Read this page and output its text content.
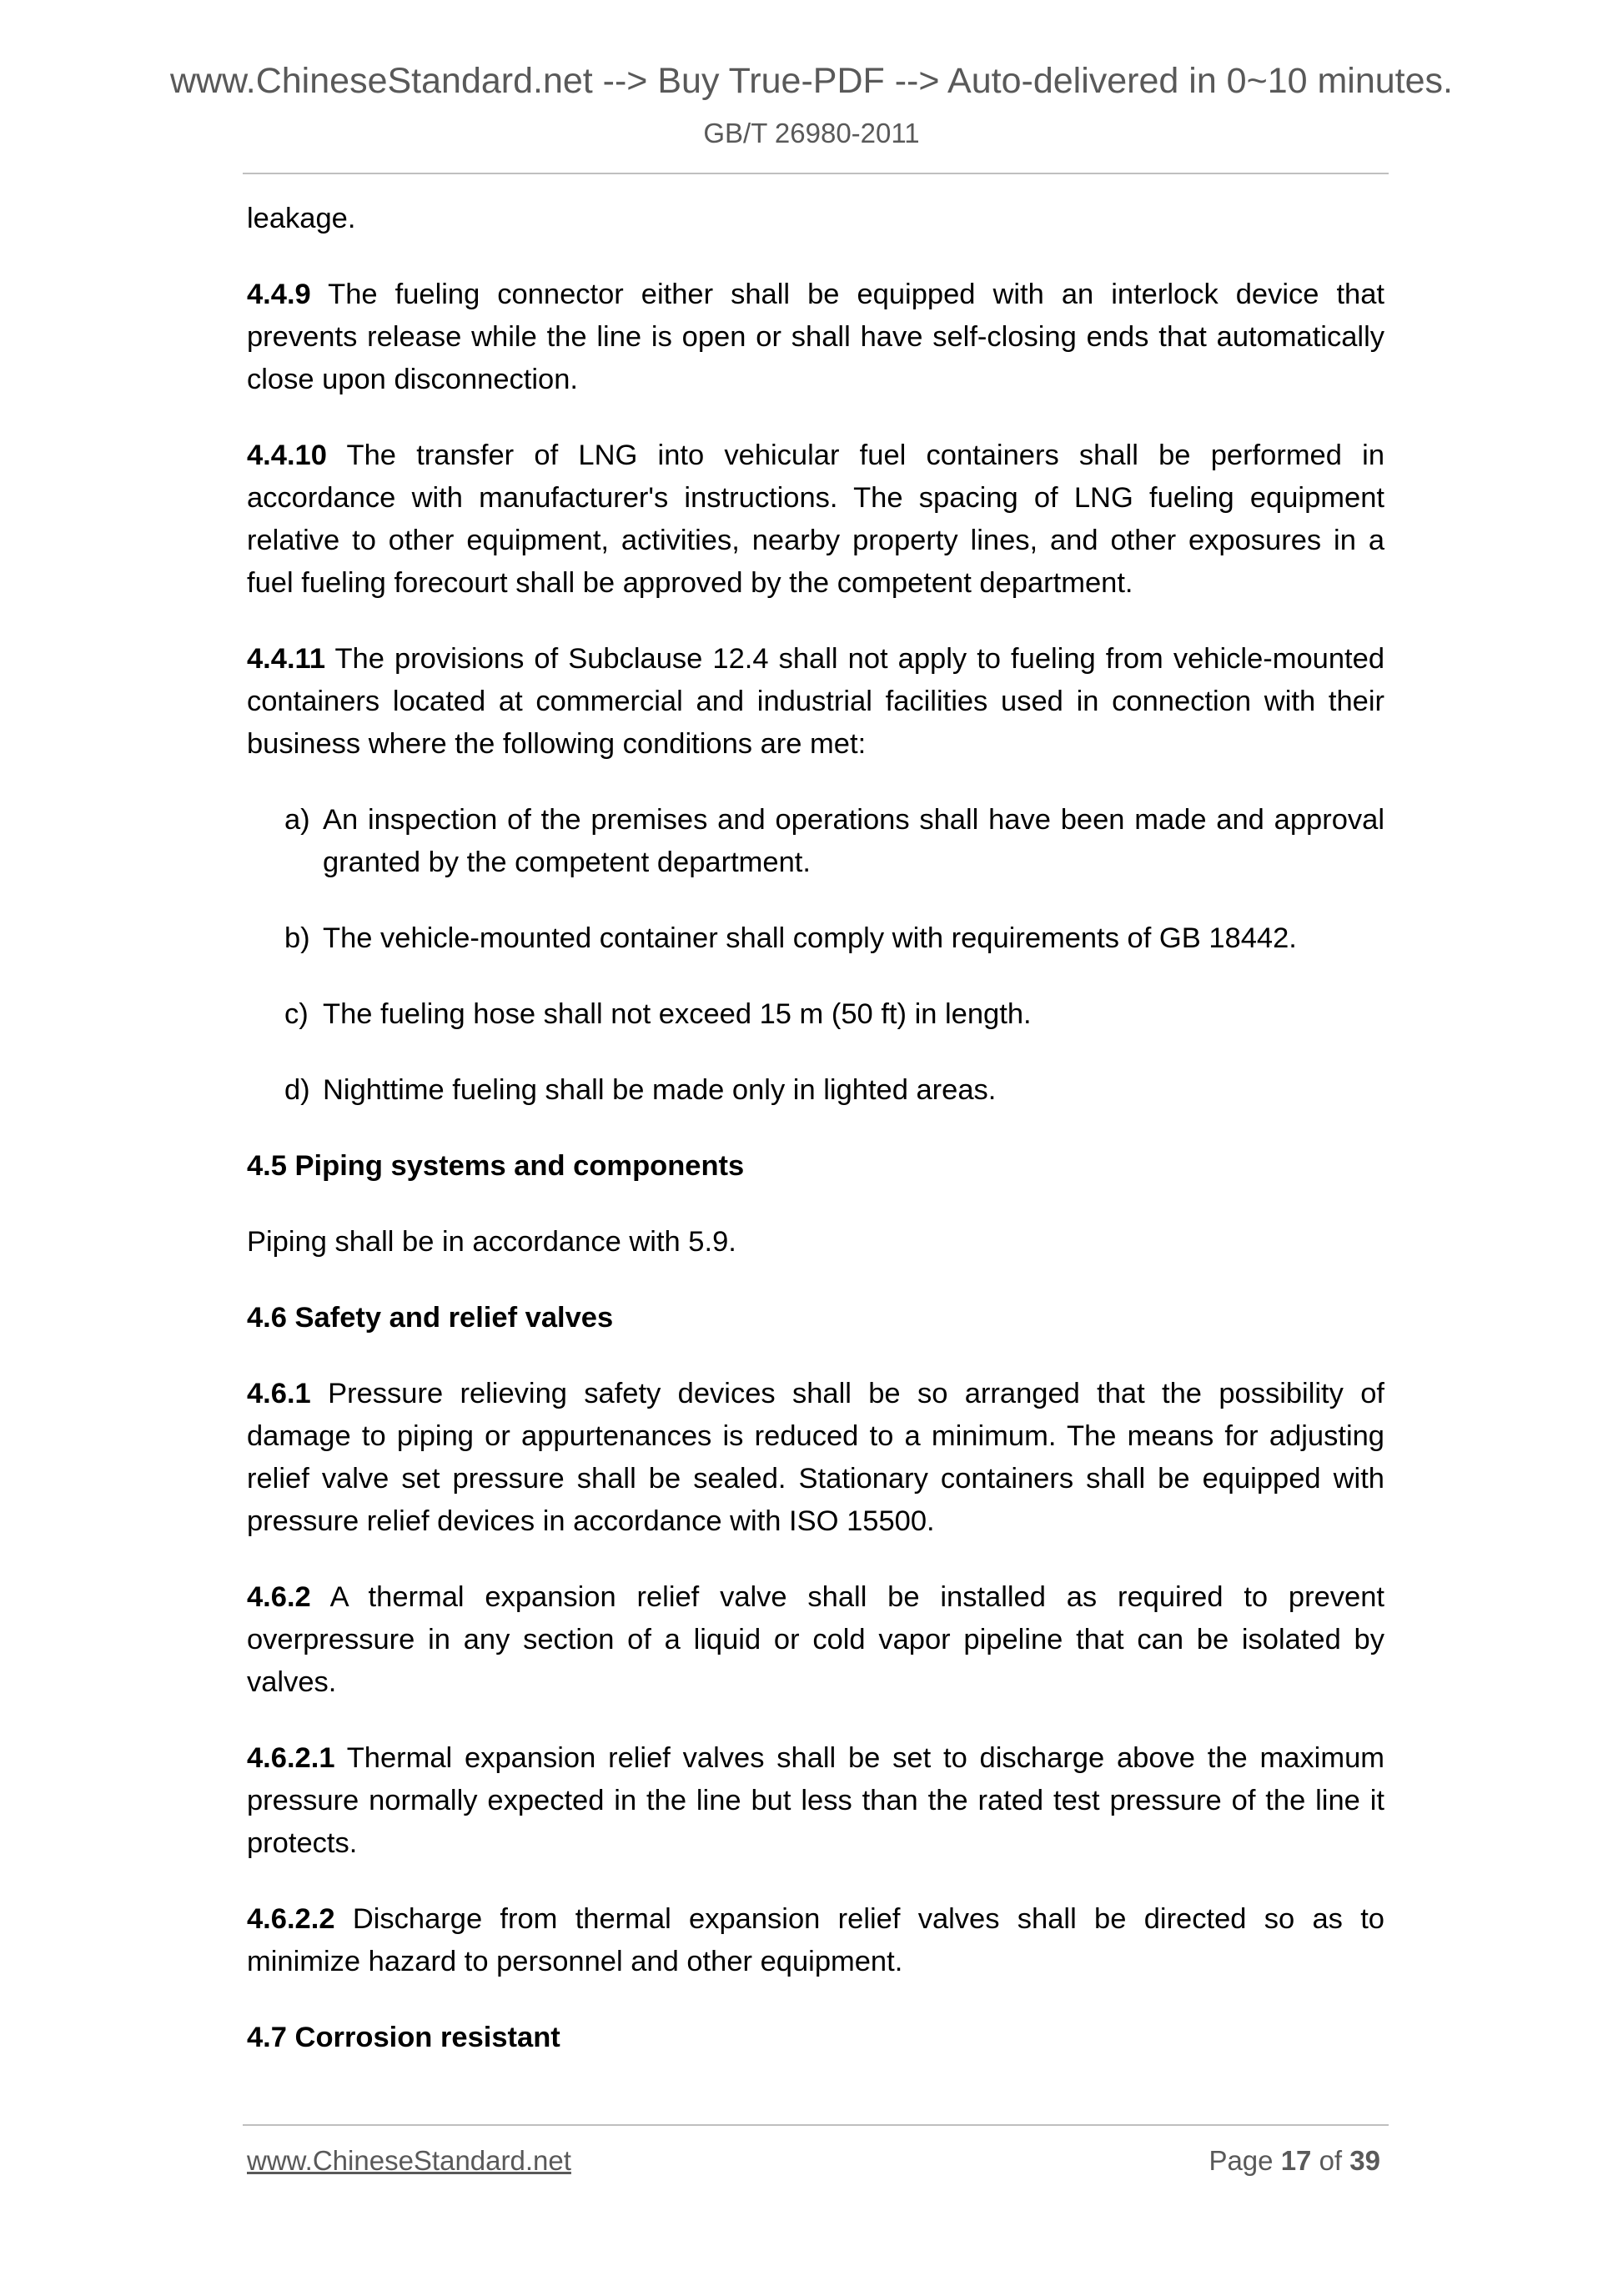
www.ChineseStandard.net --> Buy True-PDF --> Auto-delivered in 0~10 minutes.
GB/T 26980-2011

leakage.

4.4.9 The fueling connector either shall be equipped with an interlock device that prevents release while the line is open or shall have self-closing ends that automatically close upon disconnection.

4.4.10 The transfer of LNG into vehicular fuel containers shall be performed in accordance with manufacturer's instructions. The spacing of LNG fueling equipment relative to other equipment, activities, nearby property lines, and other exposures in a fuel fueling forecourt shall be approved by the competent department.

4.4.11 The provisions of Subclause 12.4 shall not apply to fueling from vehicle-mounted containers located at commercial and industrial facilities used in connection with their business where the following conditions are met:

a) An inspection of the premises and operations shall have been made and approval granted by the competent department.
b) The vehicle-mounted container shall comply with requirements of GB 18442.
c) The fueling hose shall not exceed 15 m (50 ft) in length.
d) Nighttime fueling shall be made only in lighted areas.
4.5 Piping systems and components

Piping shall be in accordance with 5.9.

4.6 Safety and relief valves

4.6.1 Pressure relieving safety devices shall be so arranged that the possibility of damage to piping or appurtenances is reduced to a minimum. The means for adjusting relief valve set pressure shall be sealed. Stationary containers shall be equipped with pressure relief devices in accordance with ISO 15500.

4.6.2 A thermal expansion relief valve shall be installed as required to prevent overpressure in any section of a liquid or cold vapor pipeline that can be isolated by valves.

4.6.2.1 Thermal expansion relief valves shall be set to discharge above the maximum pressure normally expected in the line but less than the rated test pressure of the line it protects.

4.6.2.2 Discharge from thermal expansion relief valves shall be directed so as to minimize hazard to personnel and other equipment.

4.7 Corrosion resistant
www.ChineseStandard.net	Page 17 of 39
